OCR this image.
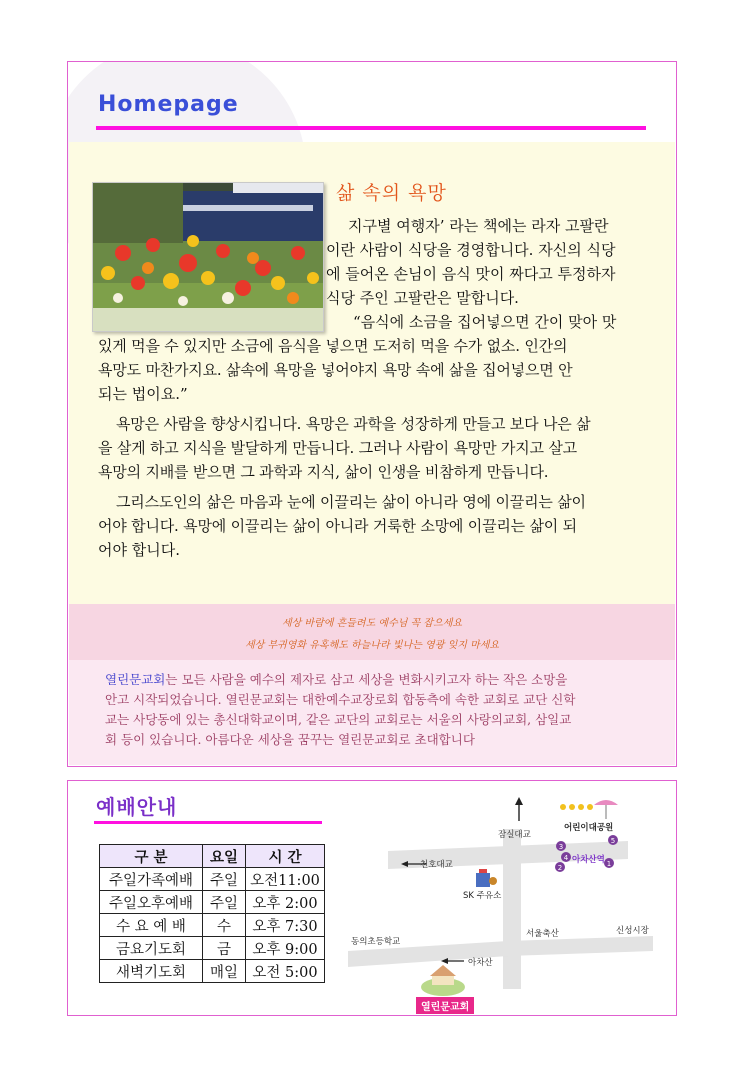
Homepage
삶 속의 욕망
지구별 여행자’ 라는 책에는 라자 고팔란
이란 사람이 식당을 경영합니다. 자신의 식당
에 들어온 손님이 음식 맛이 짜다고 투정하자
식당 주인 고팔란은 말합니다.
“음식에 소금을 집어넣으면 간이 맞아 맛
있게 먹을 수 있지만 소금에 음식을 넣으면 도저히 먹을 수가 없소. 인간의
욕망도 마찬가지요. 삶속에 욕망을 넣어야지 욕망 속에 삶을 집어넣으면 안
되는 법이요.”
욕망은 사람을 향상시킵니다. 욕망은 과학을 성장하게 만들고 보다 나은 삶
을 살게 하고 지식을 발달하게 만듭니다. 그러나 사람이 욕망만 가지고 살고
욕망의 지배를 받으면 그 과학과 지식, 삶이 인생을 비참하게 만듭니다.
그리스도인의 삶은 마음과 눈에 이끌리는 삶이 아니라 영에 이끌리는 삶이
어야 합니다. 욕망에 이끌리는 삶이 아니라 거룩한 소망에 이끌리는 삶이 되
어야 합니다.
세상 바람에 흔들려도 예수님 꼭 잡으세요
세상 부귀영화 유혹해도 하늘나라 빛나는 영광 잊지 마세요
열린문교회는 모든 사람을 예수의 제자로 삼고 세상을 변화시키고자 하는 작은 소망을
안고 시작되었습니다. 열린문교회는 대한예수교장로회 합동측에 속한 교회로 교단 신학
교는 사당동에 있는 총신대학교이며, 같은 교단의 교회로는 서울의 사랑의교회, 삼일교
회 등이 있습니다. 아름다운 세상을 꿈꾸는 열린문교회로 초대합니다
예배안내
구 분	요일	시 간
주일가족예배	주일	오전11:00
주일오후예배	주일	오후 2:00
수 요 예 배	수	오후 7:30
금요기도회	금	오후 9:00
새벽기도회	매일	오전 5:00
3
5
2
4
1
어린이대공원
잠실대교
천호대교	아차산역
SK 주유소
동의초등학교
서울축산	신성시장
아차산
열린문교회
